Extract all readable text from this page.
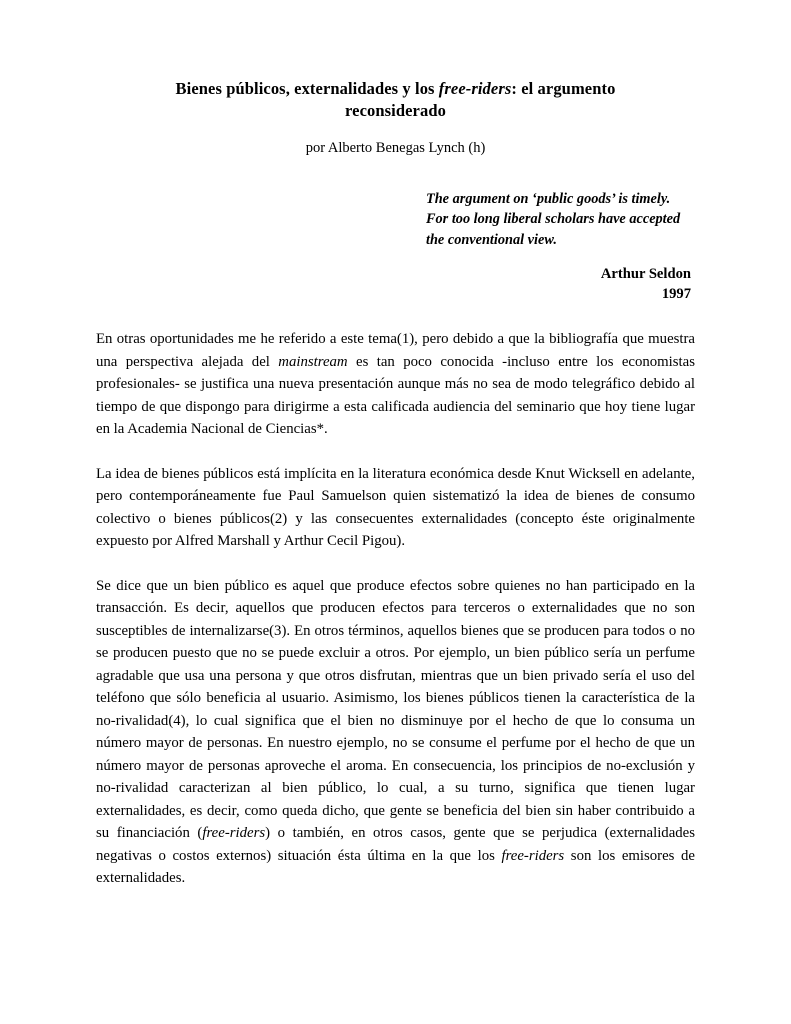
Bienes públicos, externalidades y los free-riders: el argumento
reconsiderado

por Alberto Benegas Lynch (h)

The argument on ‘public goods’ is timely. For too long liberal scholars have accepted the conventional view.

Arthur Seldon
1997

En otras oportunidades me he referido a este tema(1), pero debido a que la bibliografía que muestra una perspectiva alejada del mainstream es tan poco conocida -incluso entre los economistas profesionales- se justifica una nueva presentación aunque más no sea de modo telegráfico debido al tiempo de que dispongo para dirigirme a esta calificada audiencia del seminario que hoy tiene lugar en la Academia Nacional de Ciencias*.

La idea de bienes públicos está implícita en la literatura económica desde Knut Wicksell en adelante, pero contemporáneamente fue Paul Samuelson quien sistematizó la idea de bienes de consumo colectivo o bienes públicos(2) y las consecuentes externalidades (concepto éste originalmente expuesto por Alfred Marshall y Arthur Cecil Pigou).

Se dice que un bien público es aquel que produce efectos sobre quienes no han participado en la transacción. Es decir, aquellos que producen efectos para terceros o externalidades que no son susceptibles de internalizarse(3). En otros términos, aquellos bienes que se producen para todos o no se producen puesto que no se puede excluir a otros. Por ejemplo, un bien público sería un perfume agradable que usa una persona y que otros disfrutan, mientras que un bien privado sería el uso del teléfono que sólo beneficia al usuario. Asimismo, los bienes públicos tienen la característica de la no-rivalidad(4), lo cual significa que el bien no disminuye por el hecho de que lo consuma un número mayor de personas. En nuestro ejemplo, no se consume el perfume por el hecho de que un número mayor de personas aproveche el aroma. En consecuencia, los principios de no-exclusión y no-rivalidad caracterizan al bien público, lo cual, a su turno, significa que tienen lugar externalidades, es decir, como queda dicho, que gente se beneficia del bien sin haber contribuido a su financiación (free-riders) o también, en otros casos, gente que se perjudica (externalidades negativas o costos externos) situación ésta última en la que los free-riders son los emisores de externalidades.
